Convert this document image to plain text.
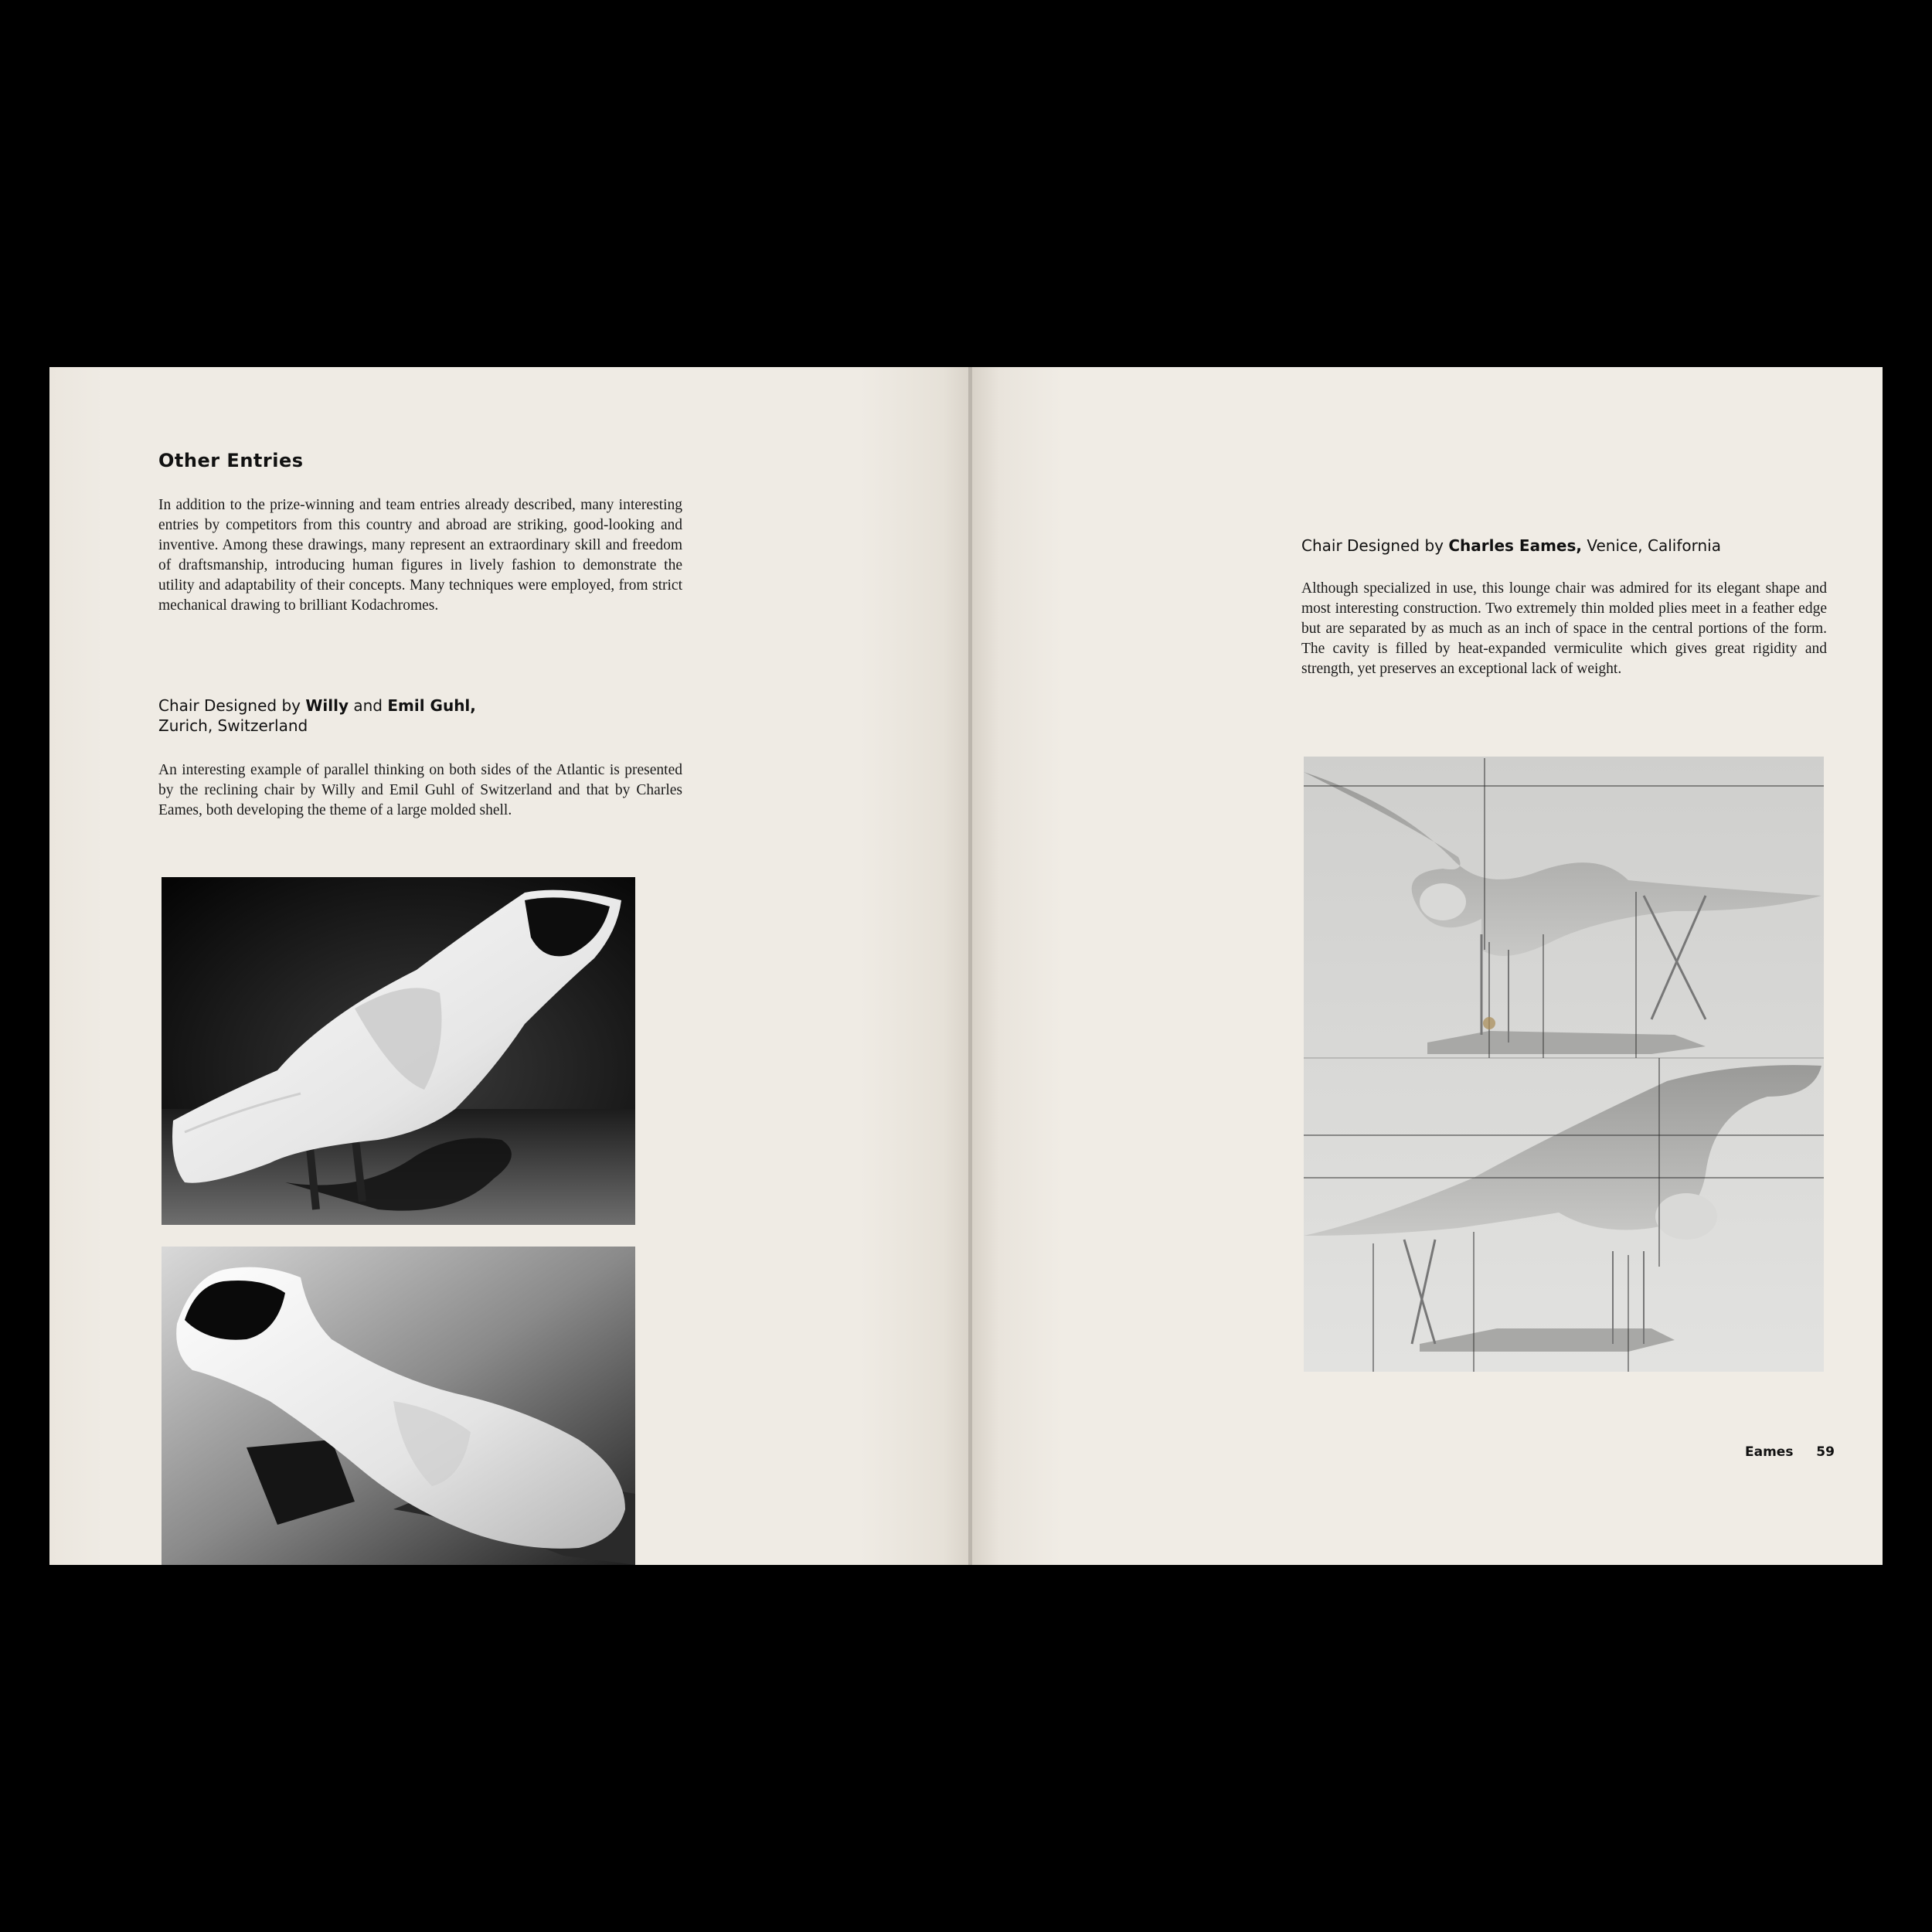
Other Entries

In addition to the prize-winning and team entries already described, many interesting entries by competitors from this country and abroad are striking, good-looking and inventive. Among these drawings, many represent an extraordinary skill and freedom of draftsmanship, introducing human figures in lively fashion to demonstrate the utility and adaptability of their concepts. Many techniques were employed, from strict mechanical drawing to brilliant Kodachromes.

Chair Designed by Willy and Emil Guhl,
Zurich, Switzerland

An interesting example of parallel thinking on both sides of the Atlantic is presented by the reclining chair by Willy and Emil Guhl of Switzerland and that by Charles Eames, both developing the theme of a large molded shell.

Chair Designed by Charles Eames, Venice, California

Although specialized in use, this lounge chair was admired for its elegant shape and most interesting construction. Two extremely thin molded plies meet in a feather edge but are separated by as much as an inch of space in the central portions of the form. The cavity is filled by heat-expanded vermiculite which gives great rigidity and strength, yet preserves an exceptional lack of weight.

Eames 59
